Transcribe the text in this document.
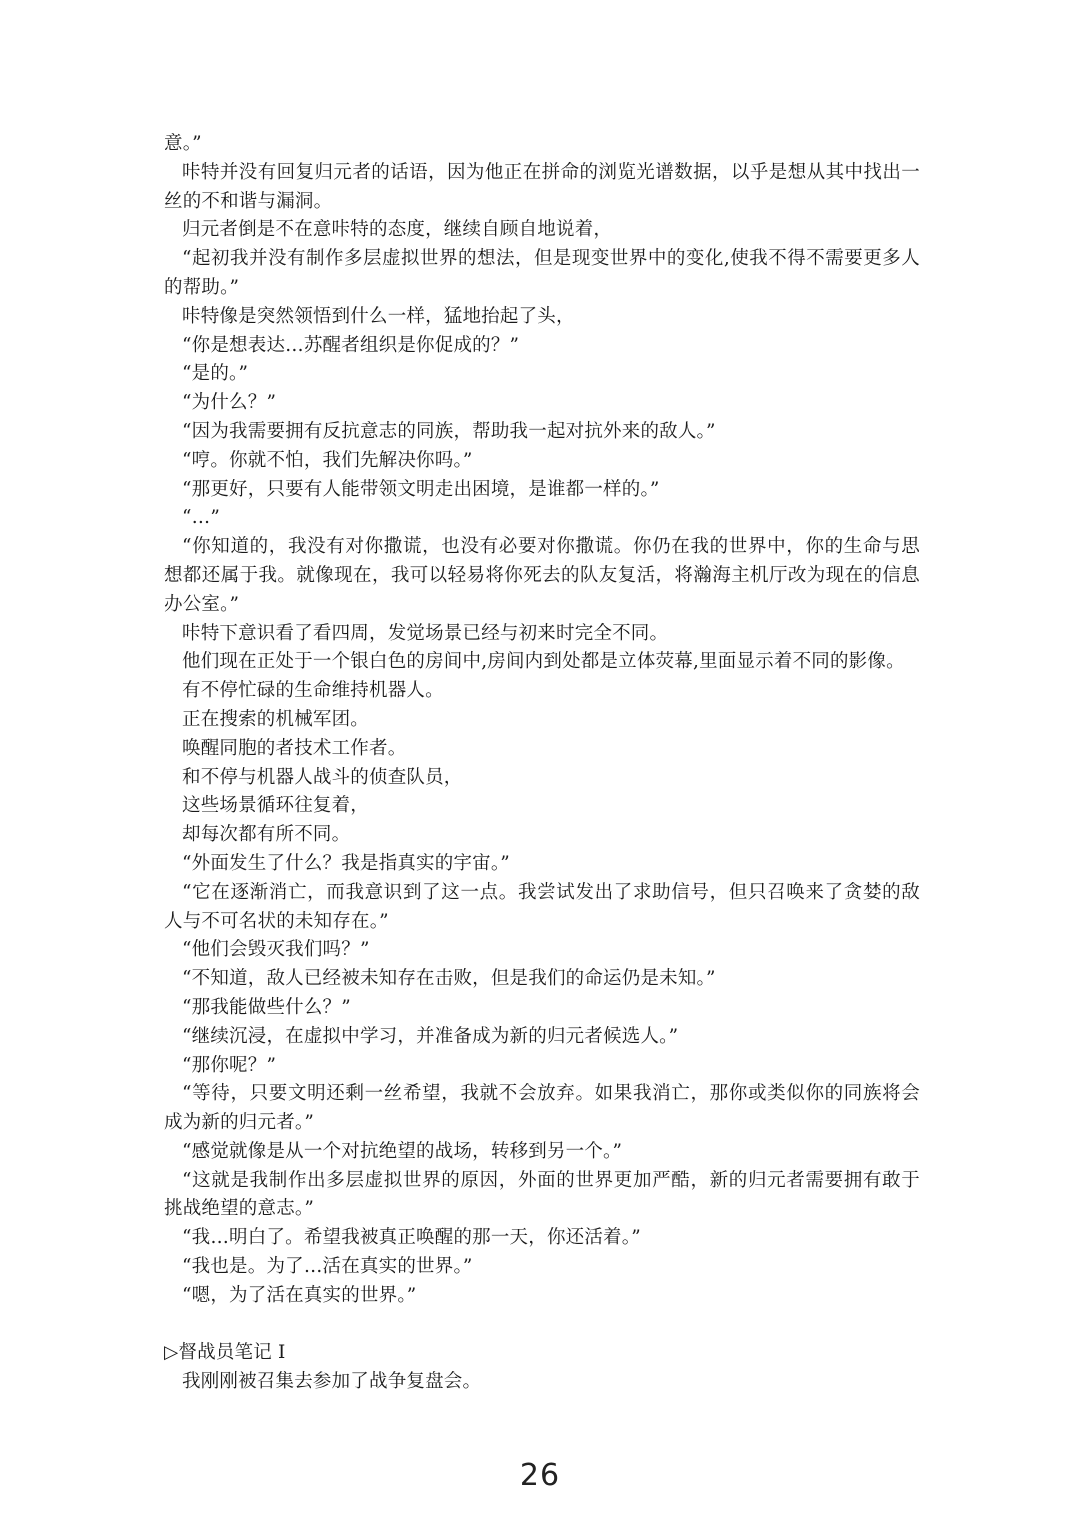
意。”

咔特并没有回复归元者的话语，因为他正在拼命的浏览光谱数据，以乎是想从其中找出一丝的不和谐与漏洞。

归元者倒是不在意咔特的态度，继续自顾自地说着，

“起初我并没有制作多层虚拟世界的想法，但是现变世界中的变化,使我不得不需要更多人的帮助。”

咔特像是突然领悟到什么一样，猛地抬起了头，

“你是想表达…苏醒者组织是你促成的？”

“是的。”

“为什么？”

“因为我需要拥有反抗意志的同族，帮助我一起对抗外来的敌人。”

“哼。你就不怕，我们先解决你吗。”

“那更好，只要有人能带领文明走出困境，是谁都一样的。”

“…”

“你知道的，我没有对你撒谎，也没有必要对你撒谎。你仍在我的世界中，你的生命与思想都还属于我。就像现在，我可以轻易将你死去的队友复活，将瀚海主机厅改为现在的信息办公室。”

咔特下意识看了看四周，发觉场景已经与初来时完全不同。

他们现在正处于一个银白色的房间中,房间内到处都是立体荧幕,里面显示着不同的影像。

有不停忙碌的生命维持机器人。

正在搜索的机械军团。

唤醒同胞的者技术工作者。

和不停与机器人战斗的侦查队员，

这些场景循环往复着，

却每次都有所不同。

“外面发生了什么？我是指真实的宇宙。”

“它在逐渐消亡，而我意识到了这一点。我尝试发出了求助信号，但只召唤来了贪婪的敌人与不可名状的未知存在。”

“他们会毁灭我们吗？”

“不知道，敌人已经被未知存在击败，但是我们的命运仍是未知。”

“那我能做些什么？”

“继续沉浸，在虚拟中学习，并准备成为新的归元者候选人。”

“那你呢？”

“等待，只要文明还剩一丝希望，我就不会放弃。如果我消亡，那你或类似你的同族将会成为新的归元者。”

“感觉就像是从一个对抗绝望的战场，转移到另一个。”

“这就是我制作出多层虚拟世界的原因，外面的世界更加严酷，新的归元者需要拥有敢于挑战绝望的意志。”

“我…明白了。希望我被真正唤醒的那一天，你还活着。”

“我也是。为了…活在真实的世界。”

“嗯，为了活在真实的世界。”

▷督战员笔记 I

我刚刚被召集去参加了战争复盘会。

26
